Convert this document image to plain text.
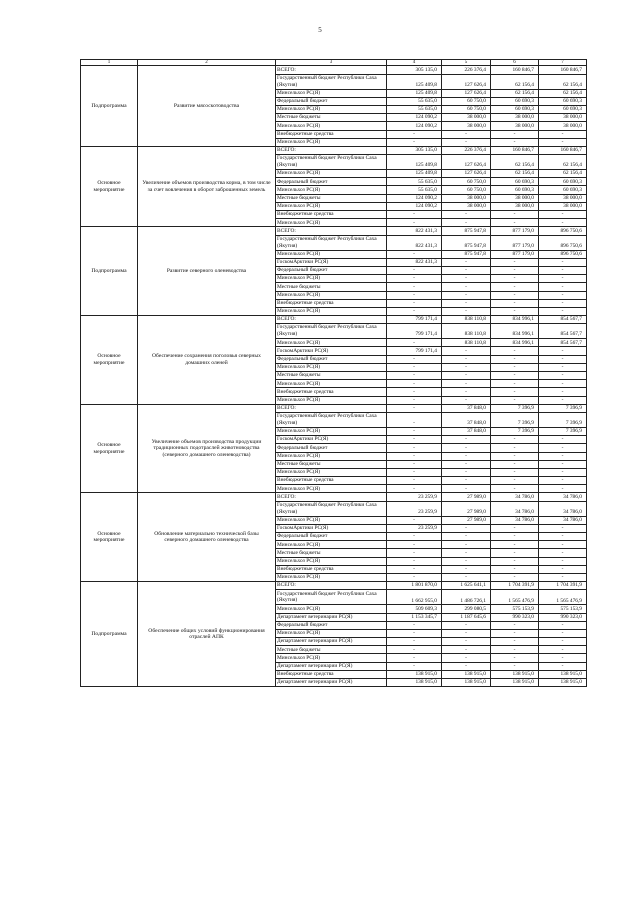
5
1	2	3	4	5	6	7
Подпрограмма	Развитие мясоскотоводства	ВСЕГО:	305 135,0	226 376,4	160 846,7	160 846,7
		Государственный бюджет Республики Саха (Якутия)	125 409,8	127 626,4	62 156,4	62 156,4
		Минсельхоз РС(Я)	125 409,8	127 626,4	62 156,4	62 156,4
		Федеральный бюджет	55 635,0	60 750,0	60 690,3	60 690,3
		Минсельхоз РС(Я)	55 635,0	60 750,0	60 690,3	60 690,3
		Местные бюджеты	124 090,2	38 000,0	38 000,0	38 000,0
		Минсельхоз РС(Я)	124 090,2	38 000,0	38 000,0	38 000,0
		Внебюджетные средства	-	-	-	-
		Минсельхоз РС(Я)	-	-	-	-
Основное мероприятие	Увеличение объемов производства корма, в том числе за счет вовлечения в оборот заброшенных земель	ВСЕГО:	305 135,0	226 376,4	160 846,7	160 846,7
		Государственный бюджет Республики Саха (Якутия)	125 409,8	127 626,4	62 156,4	62 156,4
		Минсельхоз РС(Я)	125 409,8	127 626,4	62 156,4	62 156,4
		Федеральный бюджет	55 635,0	60 750,0	60 690,3	60 690,3
		Минсельхоз РС(Я)	55 635,0	60 750,0	60 690,3	60 690,3
		Местные бюджеты	124 090,2	38 000,0	38 000,0	38 000,0
		Минсельхоз РС(Я)	124 090,2	38 000,0	38 000,0	38 000,0
		Внебюджетные средства	-	-	-	-
		Минсельхоз РС(Я)	-	-	-	-
Подпрограмма	Развитие северного оленеводства	ВСЕГО:	822 431,3	875 947,8	877 179,0	896 750,6
		Государственный бюджет Республики Саха (Якутия)	822 431,3	875 947,8	877 179,0	896 750,6
		Минсельхоз РС(Я)	-	875 947,8	877 179,0	896 750,6
		ГоскомАрктики РС(Я)	822 431,3	-	-	-
		Федеральный бюджет	-	-	-	-
		Минсельхоз РС(Я)	-	-	-	-
		Местные бюджеты	-	-	-	-
		Минсельхоз РС(Я)	-	-	-	-
		Внебюджетные средства	-	-	-	-
		Минсельхоз РС(Я)	-	-	-	-
Основное мероприятие	Обеспечение сохранения поголовья северных домашних оленей	ВСЕГО:	799 171,4	838 110,8	834 996,1	854 567,7
		Государственный бюджет Республики Саха (Якутия)	799 171,4	838 110,8	834 996,1	854 567,7
		Минсельхоз РС(Я)	-	838 110,8	834 996,1	854 567,7
		ГоскомАрктики РС(Я)	799 171,4	-	-	-
		Федеральный бюджет	-	-	-	-
		Минсельхоз РС(Я)	-	-	-	-
		Местные бюджеты	-	-	-	-
		Минсельхоз РС(Я)	-	-	-	-
		Внебюджетные средства	-	-	-	-
		Минсельхоз РС(Я)	-	-	-	-
Основное мероприятие	Увеличение объемов производства продукции традиционных подотраслей животноводства (северного домашнего оленеводства)	ВСЕГО:	-	37 848,0	7 396,9	7 396,9
		Государственный бюджет Республики Саха (Якутия)	-	37 848,0	7 396,9	7 396,9
		Минсельхоз РС(Я)	-	37 848,0	7 396,9	7 396,9
		ГоскомАрктики РС(Я)	-	-	-	-
		Федеральный бюджет	-	-	-	-
		Минсельхоз РС(Я)	-	-	-	-
		Местные бюджеты	-	-	-	-
		Минсельхоз РС(Я)	-	-	-	-
		Внебюджетные средства	-	-	-	-
		Минсельхоз РС(Я)	-	-	-	-
Основное мероприятие	Обновление материально технической базы северного домашнего оленеводства	ВСЕГО:	23 259,9	27 989,0	34 786,0	34 786,0
		Государственный бюджет Республики Саха (Якутия)	23 259,9	27 989,0	34 786,0	34 786,0
		Минсельхоз РС(Я)	-	27 989,0	34 786,0	34 786,0
		ГоскомАрктики РС(Я)	23 259,9	-	-	-
		Федеральный бюджет	-	-	-	-
		Минсельхоз РС(Я)	-	-	-	-
		Местные бюджеты	-	-	-	-
		Минсельхоз РС(Я)	-	-	-	-
		Внебюджетные средства	-	-	-	-
		Минсельхоз РС(Я)	-	-	-	-
Подпрограмма	Обеспечение общих условий функционирования отраслей АПК	ВСЕГО:	1 801 870,0	1 625 641,1	1 704 391,9	1 704 391,9
		Государственный бюджет Республики Саха (Якутия)	1 662 955,0	1 486 726,1	1 565 476,9	1 565 476,9
		Минсельхоз РС(Я)	509 609,3	299 080,5	575 153,9	575 153,9
		Департамент ветеринарии РС(Я)	1 153 345,7	1 187 645,6	990 323,0	990 323,0
		Федеральный бюджет	-	-	-	-
		Минсельхоз РС(Я)	-	-	-	-
		Департамент ветеринарии РС(Я)	-	-	-	-
		Местные бюджеты	-	-	-	-
		Минсельхоз РС(Я)	-	-	-	-
		Департамент ветеринарии РС(Я)	-	-	-	-
		Внебюджетные средства	138 915,0	138 915,0	138 915,0	138 915,0
		Департамент ветеринарии РС(Я)	138 915,0	138 915,0	138 915,0	138 915,0
